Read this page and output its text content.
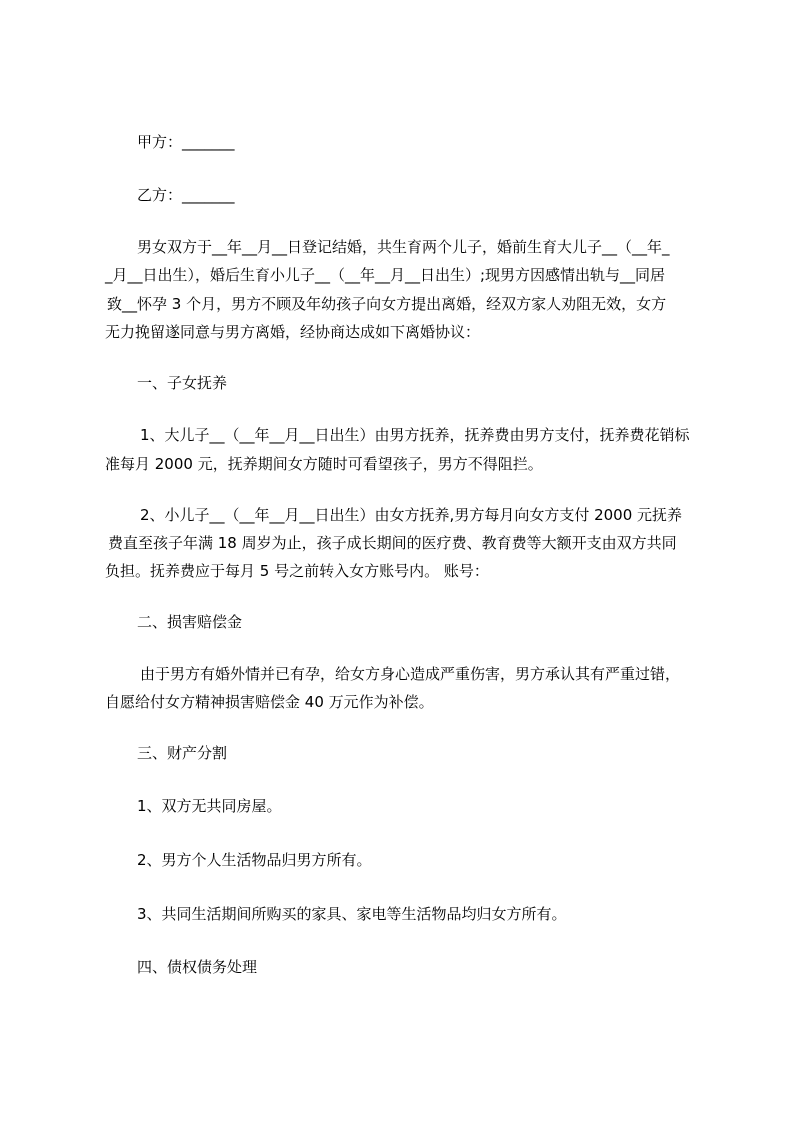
甲方：_______
乙方：_______
男女双方于__年__月__日登记结婚，共生育两个儿子，婚前生育大儿子__（__年_
_月__日出生），婚后生育小儿子__（__年__月__日出生）;现男方因感情出轨与__同居
致__怀孕 3 个月，男方不顾及年幼孩子向女方提出离婚，经双方家人劝阻无效，女方
无力挽留遂同意与男方离婚，经协商达成如下离婚协议：
一、子女抚养
1、大儿子__（__年__月__日出生）由男方抚养，抚养费由男方支付，抚养费花销标
准每月 2000 元，抚养期间女方随时可看望孩子，男方不得阻拦。
2、小儿子__（__年__月__日出生）由女方抚养,男方每月向女方支付 2000 元抚养
费直至孩子年满 18 周岁为止，孩子成长期间的医疗费、教育费等大额开支由双方共同
负担。抚养费应于每月 5 号之前转入女方账号内。 账号：
二、损害赔偿金
由于男方有婚外情并已有孕，给女方身心造成严重伤害，男方承认其有严重过错，
自愿给付女方精神损害赔偿金 40 万元作为补偿。
三、财产分割
1、双方无共同房屋。
2、男方个人生活物品归男方所有。
3、共同生活期间所购买的家具、家电等生活物品均归女方所有。
四、债权债务处理
